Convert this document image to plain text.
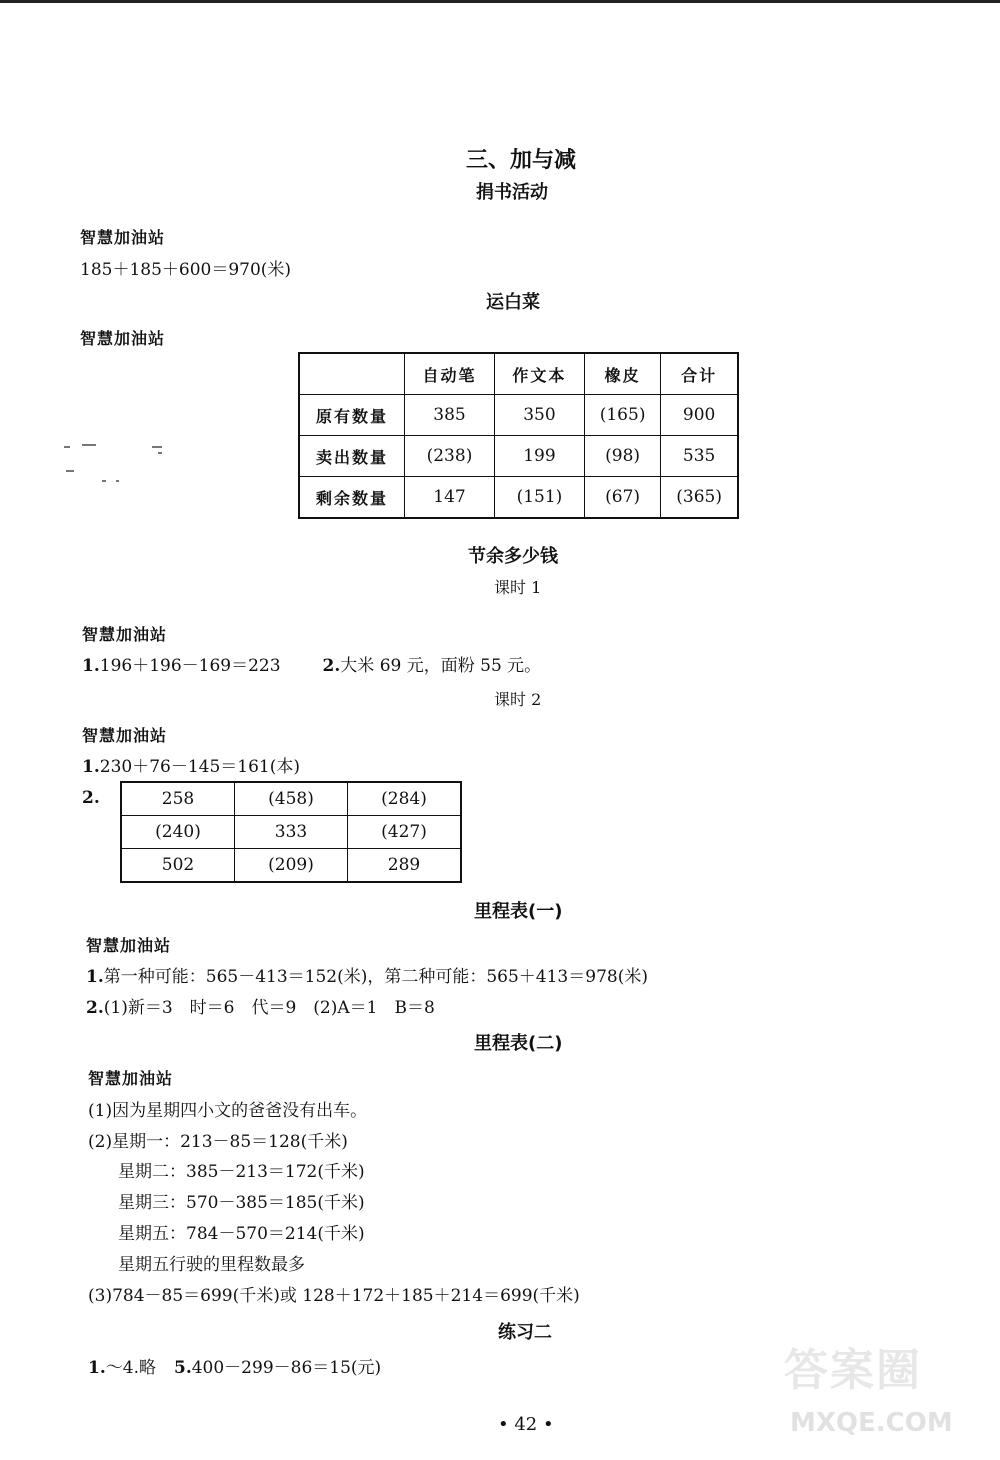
三、加与减
捐书活动
智慧加油站
185＋185＋600＝970(米)
运白菜
智慧加油站
	自动笔	作文本	橡皮	合计
原有数量	385	350	(165)	900
卖出数量	(238)	199	(98)	535
剩余数量	147	(151)	(67)	(365)
节余多少钱
课时 1
智慧加油站
1.196＋196－169＝223 2.大米 69 元，面粉 55 元。
课时 2
智慧加油站
1.230＋76－145＝161(本)
2.	258	(458)	(284)
(240)	333	(427)
502	(209)	289
里程表(一)
智慧加油站
1.第一种可能：565－413＝152(米)，第二种可能：565＋413＝978(米)
2.(1)新＝3　时＝6　代＝9　(2)A＝1　B＝8
里程表(二)
智慧加油站
(1)因为星期四小文的爸爸没有出车。
(2)星期一：213－85＝128(千米)
星期二：385－213＝172(千米)
星期三：570－385＝185(千米)
星期五：784－570＝214(千米)
星期五行驶的里程数最多
(3)784－85＝699(千米)或 128＋172＋185＋214＝699(千米)
练习二
1.～4.略 5.400－299－86＝15(元)
• 42 •
答案圈
MXQE.COM
